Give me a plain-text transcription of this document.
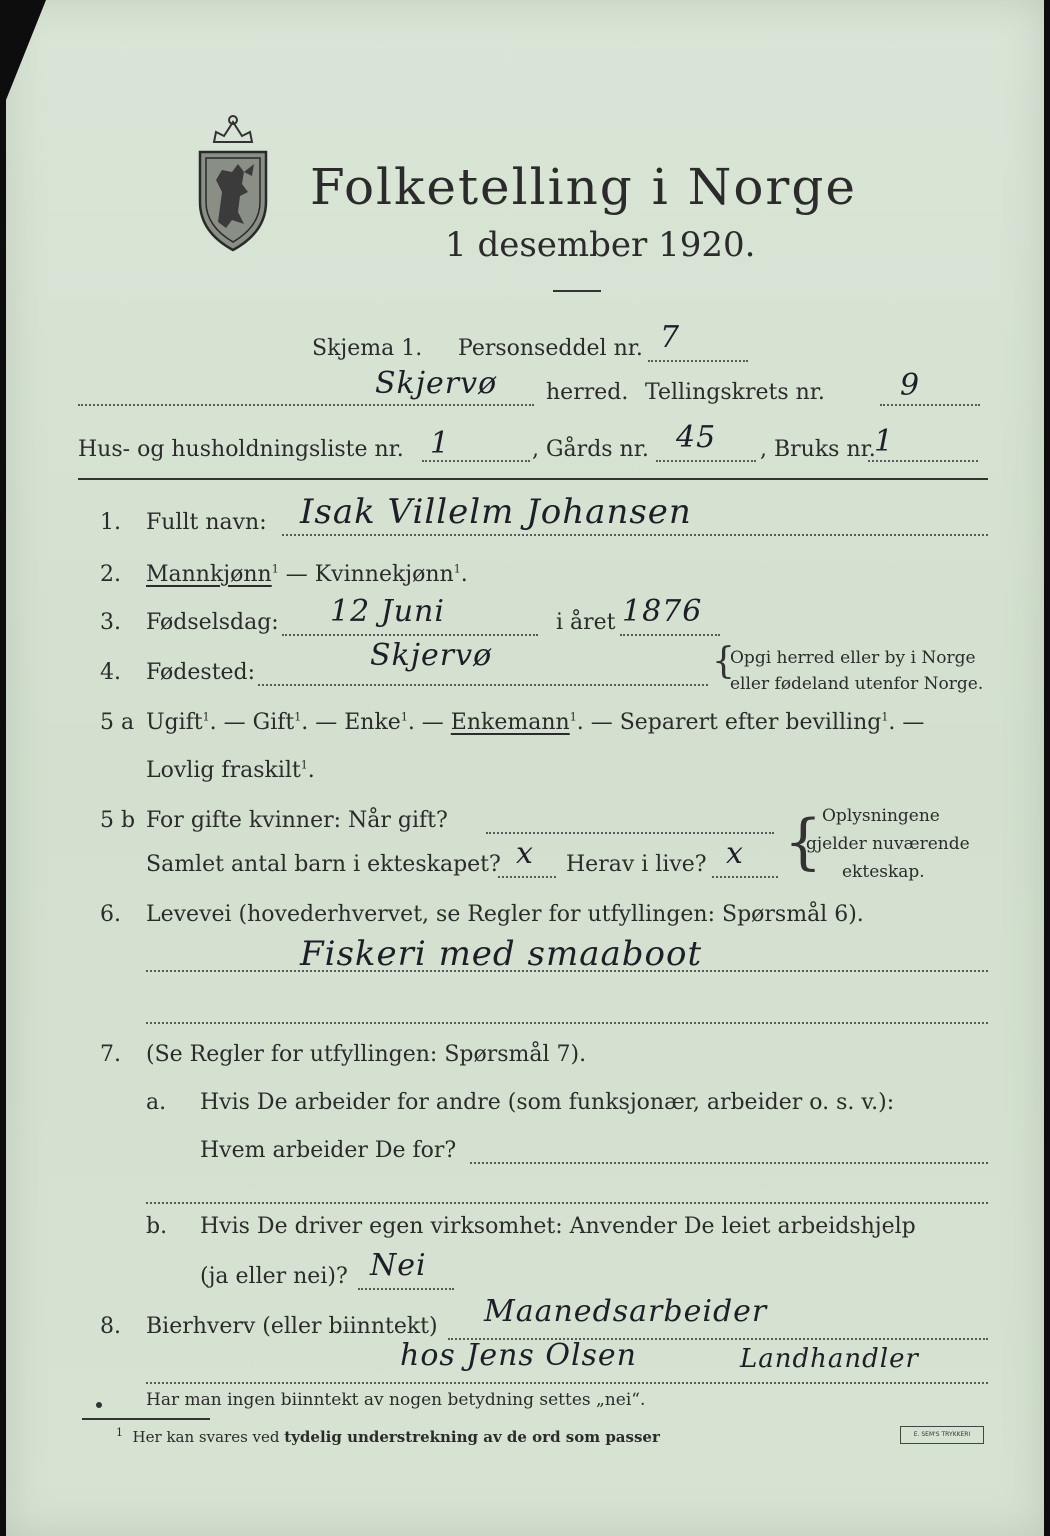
Folketelling i Norge
1 desember 1920.
Skjema 1. Personseddel nr. 7
Skjervø herred. Tellingskrets nr.	9
Hus- og husholdningsliste nr. 1	, Gårds nr. 45 , Bruks nr.
1
1. Fullt navn: Isak Villelm Johansen
2. Mannkjønn$^1$ — Kvinnekjønn$^1$.
3. Fødselsdag: 12 Juni	i året 1876
4. Fødested:	Skjervø	{
Opgi herred eller by i Norge
eller fødeland utenfor Norge.
5 a Ugift$^1$. — Gift$^1$. — Enke$^1$. — Enkemann$^1$. — Separert efter bevilling$^1$. —
Lovlig fraskilt$^1$.
5 b For gifte kvinner: Når gift?
Samlet antal barn i ekteskapet? x Herav i live? x { Oplysningene
gjelder nuværende
ekteskap.
6. Levevei (hovederhvervet, se Regler for utfyllingen: Spørsmål 6).
Fiskeri med smaaboot
7. (Se Regler for utfyllingen: Spørsmål 7).
a. Hvis De arbeider for andre (som funksjonær, arbeider o. s. v.):
Hvem arbeider De for?
b. Hvis De driver egen virksomhet: Anvender De leiet arbeidshjelp
(ja eller nei)? Nei
8. Bierhverv (eller biinntekt) Maanedsarbeider
hos Jens Olsen	Landhandler
Har man ingen biinntekt av nogen betydning settes „nei“.
$^1$ Her kan svares ved tydelig understrekning av de ord som passer	E. SEM'S TRYKKERI
